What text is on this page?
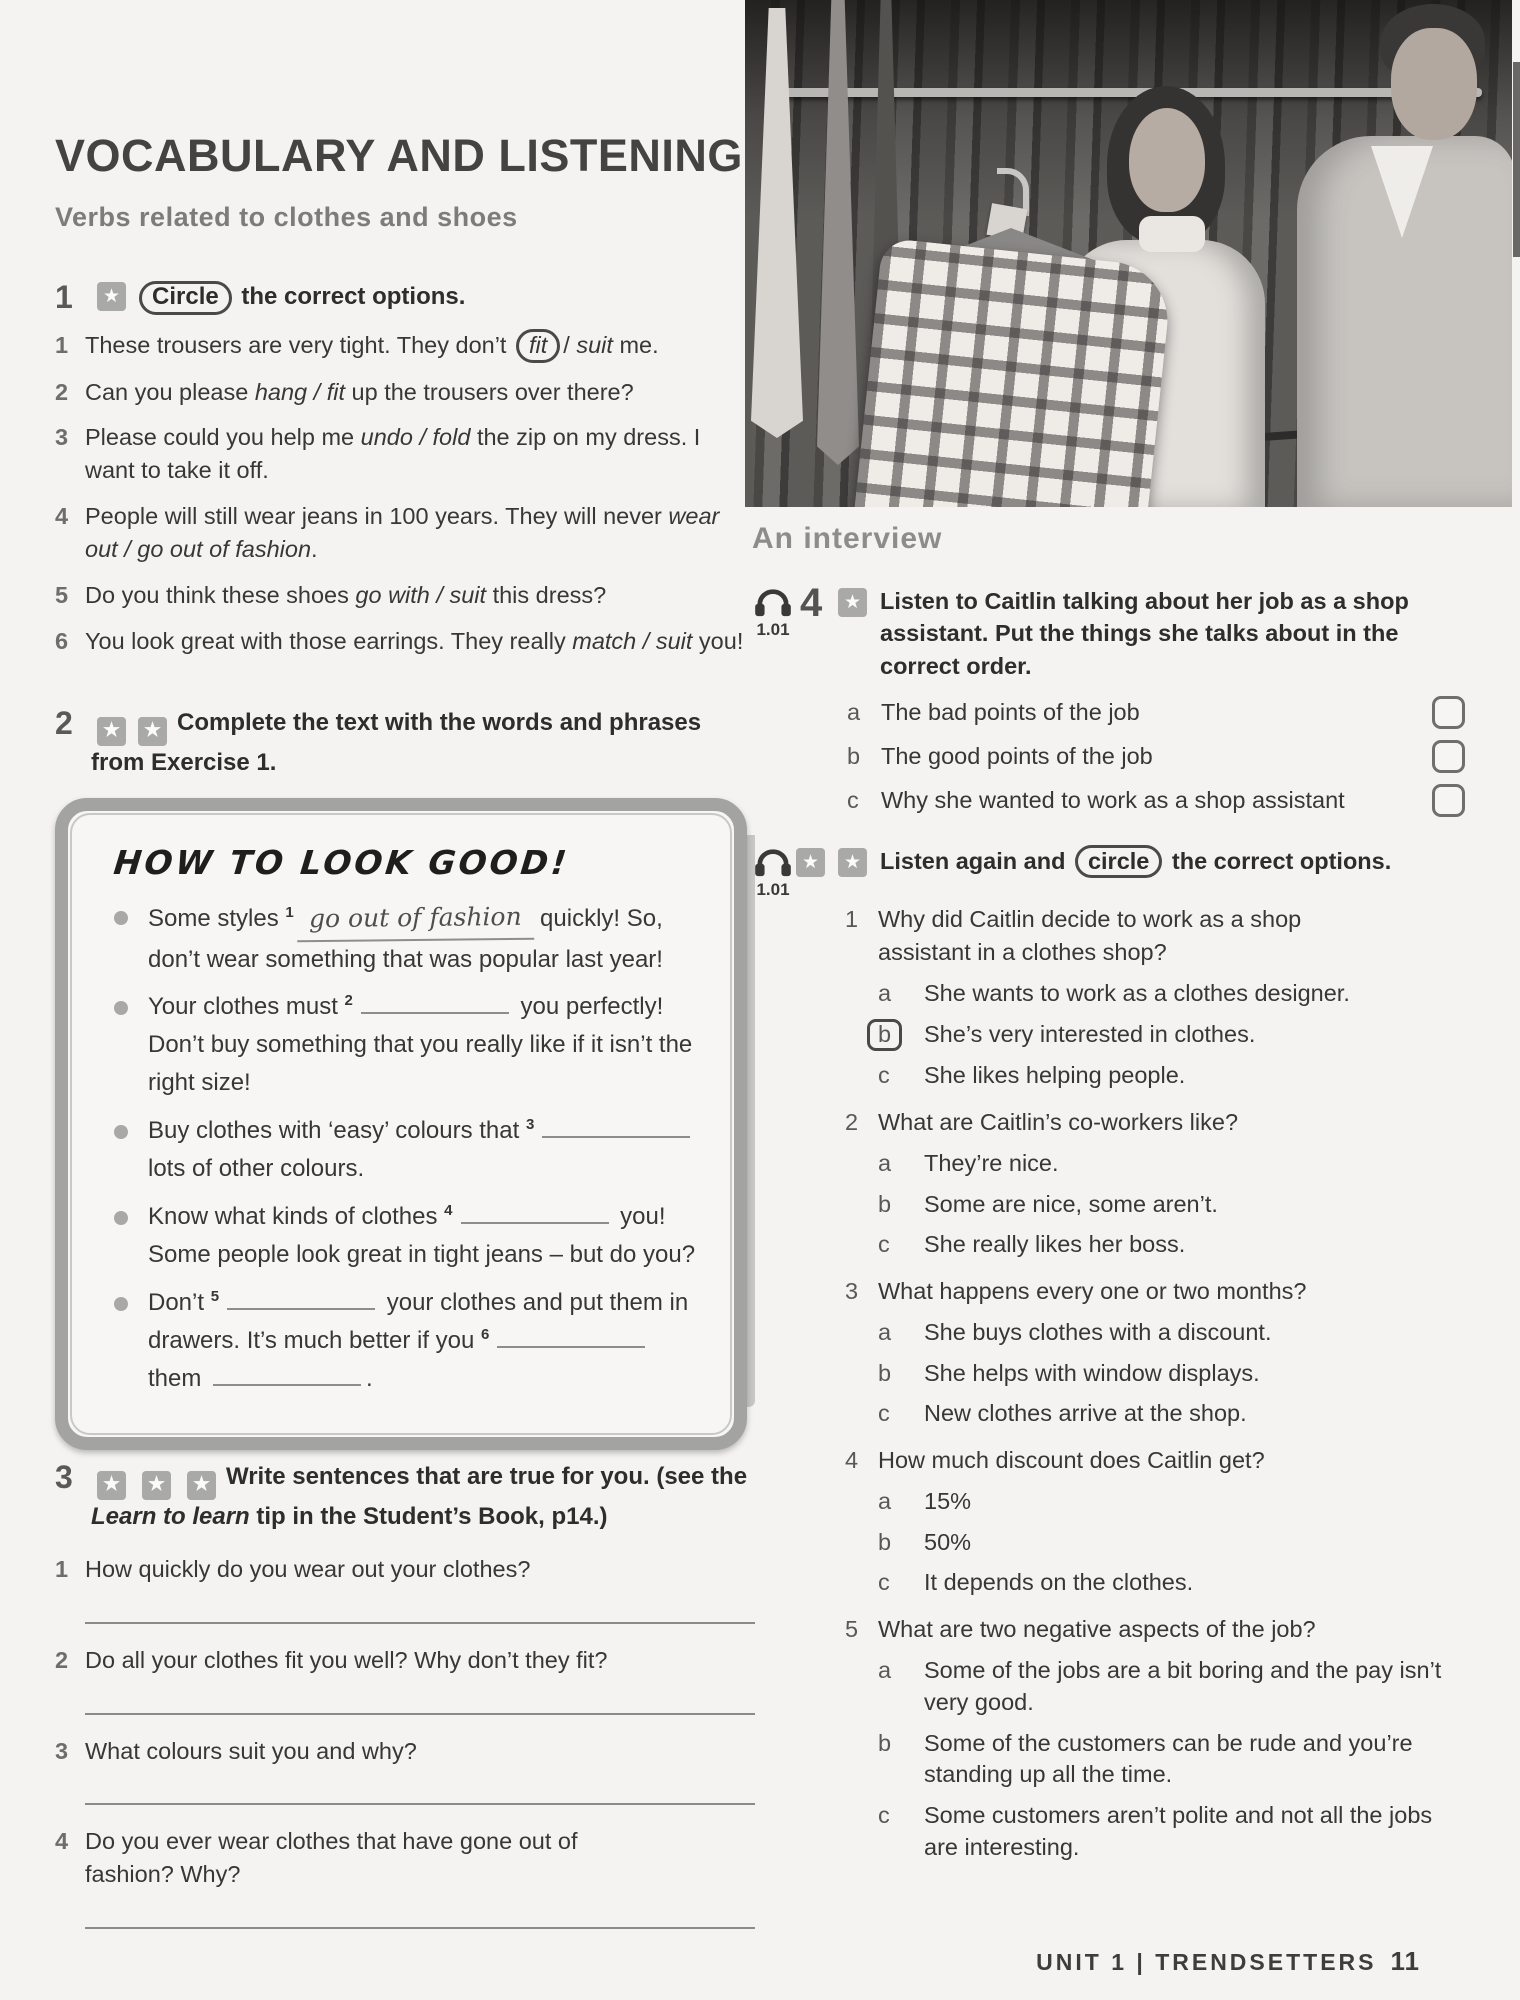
VOCABULARY AND LISTENING
Verbs related to clothes and shoes
1 ★	Circle the correct options.

1 These trousers are very tight. They don’t fit / suit me.
2 Can you please hang / fit up the trousers over there?
3 Please could you help me undo / fold the zip on my dress. I want to take it off.
4 People will still wear jeans in 100 years. They will never wear out / go out of fashion.
5 Do you think these shoes go with / suit this dress?
6 You look great with those earrings. They really match / suit you!
2 ★ ★	Complete the text with the words and phrases from Exercise 1.

HOW TO LOOK GOOD!

Some styles $^1$ go out of fashion quickly! So, don’t wear something that was popular last year!
Your clothes must $^2$	you perfectly! Don’t buy something that you really like if it isn’t the right size!
Buy clothes with ‘easy’ colours that $^3$ lots of other colours.
Know what kinds of clothes $^4$	you! Some people look great in tight jeans – but do you?
Don’t $^5$	your clothes and put them in drawers. It’s much better if you $^6$ them	.
3 ★ ★ ★	Write sentences that are true for you. (see the Learn to learn tip in the Student’s Book, p14.)

1 How quickly do you wear out your clothes?
2 Do all your clothes fit you well? Why don’t they fit?
3 What colours suit you and why?
4 Do you ever wear clothes that have gone out of fashion? Why?
An interview
1.01
4 ★ Listen to Caitlin talking about her job as a shop assistant. Put the things she talks about in the correct order.

a The bad points of the job
b The good points of the job
c Why she wanted to work as a shop assistant
1.01
★
★

Listen again and circle the correct options.

1 Why did Caitlin decide to work as a shop assistant in a clothes shop?
a	She wants to work as a clothes designer.
b	She’s very interested in clothes.
c	She likes helping people.
2 What are Caitlin’s co-workers like?
a	They’re nice.
b	Some are nice, some aren’t.
c	She really likes her boss.
3 What happens every one or two months?
a	She buys clothes with a discount.
b	She helps with window displays.
c	New clothes arrive at the shop.
4 How much discount does Caitlin get?
a	15%
b	50%
c	It depends on the clothes.
5 What are two negative aspects of the job?
a	Some of the jobs are a bit boring and the pay isn’t very good.
b	Some of the customers can be rude and you’re standing up all the time.
c	Some customers aren’t polite and not all the jobs are interesting.
UNIT 1 | TRENDSETTERS 11
